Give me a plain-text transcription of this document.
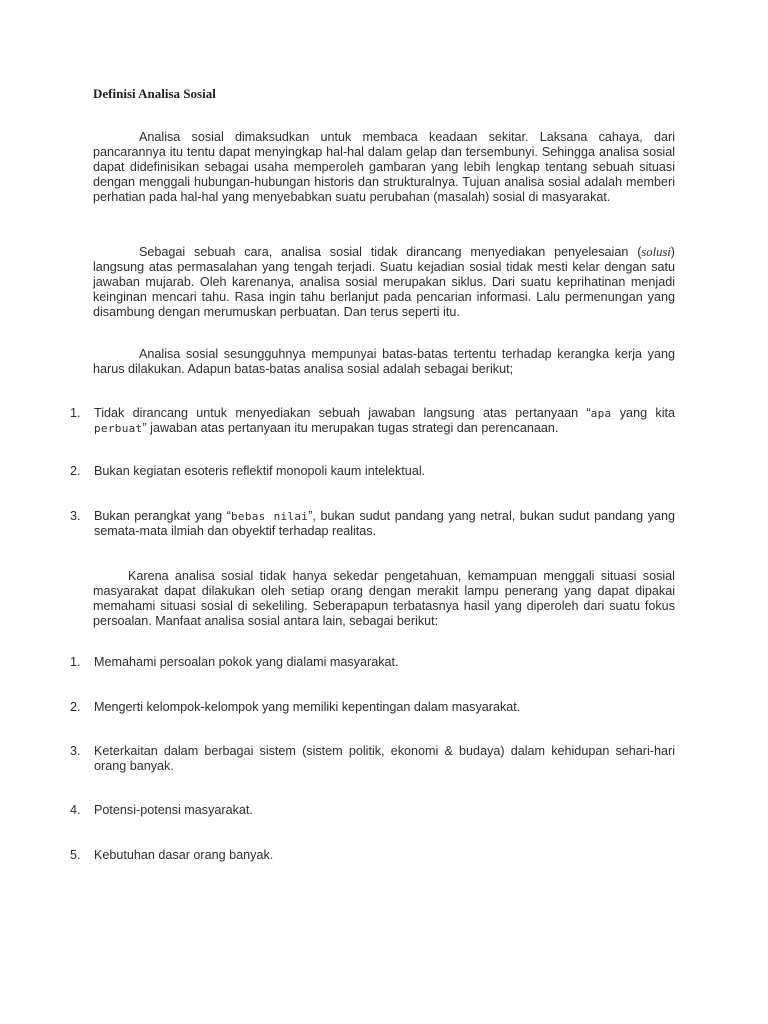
Definisi Analisa Sosial

Analisa sosial dimaksudkan untuk membaca keadaan sekitar. Laksana cahaya, dari pancarannya itu tentu dapat menyingkap hal-hal dalam gelap dan tersembunyi. Sehingga analisa sosial dapat didefinisikan sebagai usaha memperoleh gambaran yang lebih lengkap tentang sebuah situasi dengan menggali hubungan-hubungan historis dan strukturalnya. Tujuan analisa sosial adalah memberi perhatian pada hal-hal yang menyebabkan suatu perubahan (masalah) sosial di masyarakat.

Sebagai sebuah cara, analisa sosial tidak dirancang menyediakan penyelesaian (solusi) langsung atas permasalahan yang tengah terjadi. Suatu kejadian sosial tidak mesti kelar dengan satu jawaban mujarab. Oleh karenanya, analisa sosial merupakan siklus. Dari suatu keprihatinan menjadi keinginan mencari tahu. Rasa ingin tahu berlanjut pada pencarian informasi. Lalu permenungan yang disambung dengan merumuskan perbuatan. Dan terus seperti itu.

Analisa sosial sesungguhnya mempunyai batas-batas tertentu terhadap kerangka kerja yang harus dilakukan. Adapun batas-batas analisa sosial adalah sebagai berikut;

1.	Tidak dirancang untuk menyediakan sebuah jawaban langsung atas pertanyaan “apa yang kita perbuat” jawaban atas pertanyaan itu merupakan tugas strategi dan perencanaan.
2.	Bukan kegiatan esoteris reflektif monopoli kaum intelektual.
3.	Bukan perangkat yang “bebas nilai”, bukan sudut pandang yang netral, bukan sudut pandang yang semata-mata ilmiah dan obyektif terhadap realitas.

Karena analisa sosial tidak hanya sekedar pengetahuan, kemampuan menggali situasi sosial masyarakat dapat dilakukan oleh setiap orang dengan merakit lampu penerang yang dapat dipakai memahami situasi sosial di sekeliling. Seberapapun terbatasnya hasil yang diperoleh dari suatu fokus persoalan. Manfaat analisa sosial antara lain, sebagai berikut:

1.	Memahami persoalan pokok yang dialami masyarakat.
2.	Mengerti kelompok-kelompok yang memiliki kepentingan dalam masyarakat.
3.	Keterkaitan dalam berbagai sistem (sistem politik, ekonomi & budaya) dalam kehidupan sehari-hari orang banyak.
4.	Potensi-potensi masyarakat.
5.	Kebutuhan dasar orang banyak.
